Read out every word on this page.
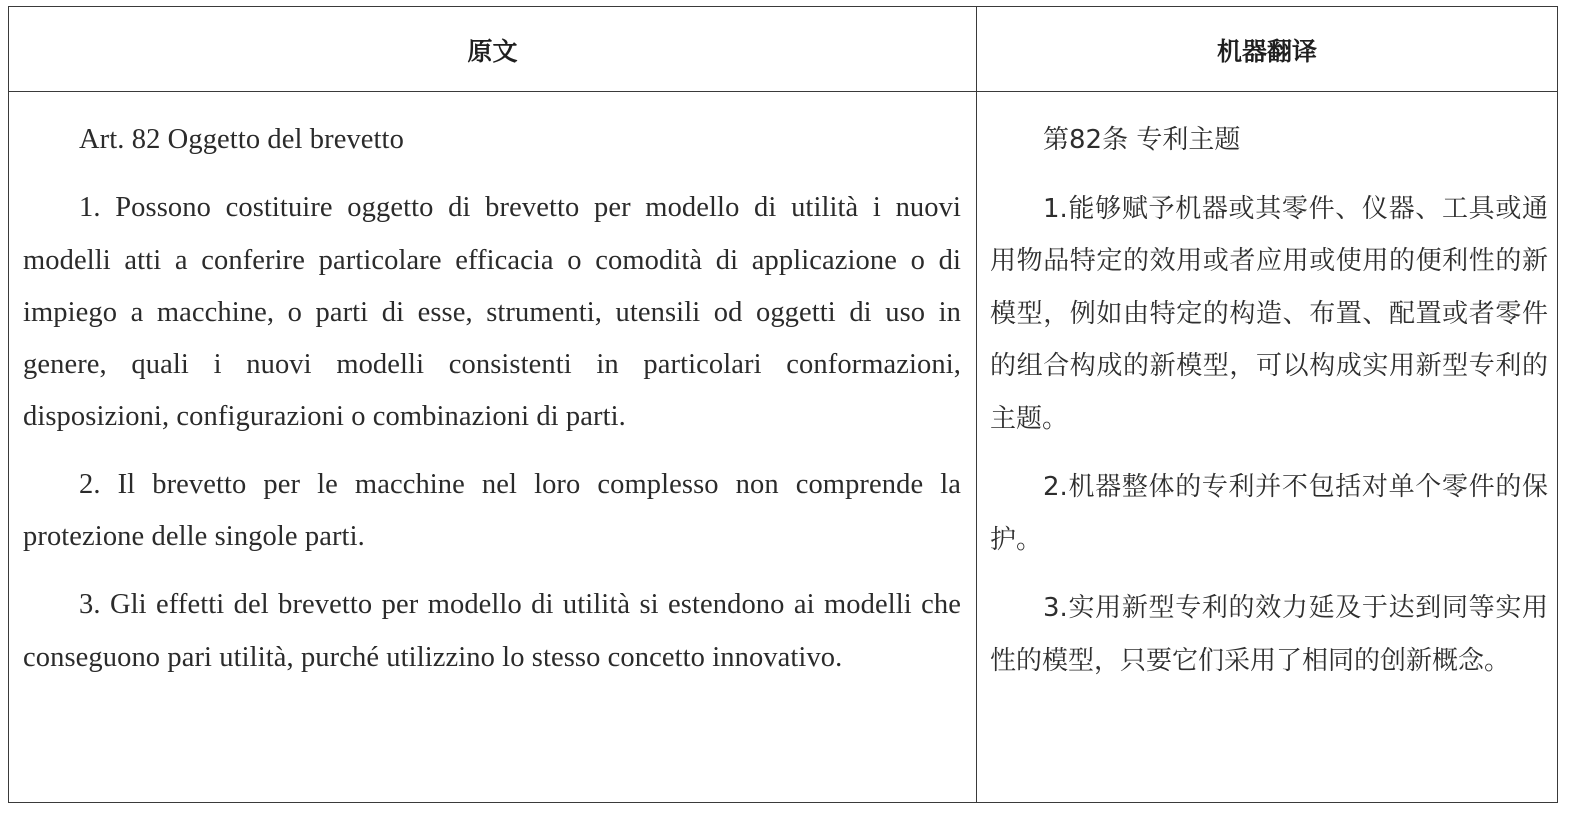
原文	机器翻译

Art. 82 Oggetto del brevetto

1. Possono costituire oggetto di brevetto per modello di utilità i nuovi modelli atti a conferire particolare efficacia o comodità di applicazione o di impiego a macchine, o parti di esse, strumenti, utensili od oggetti di uso in genere, quali i nuovi modelli consistenti in particolari conformazioni, disposizioni, configurazioni o combinazioni di parti.

2. Il brevetto per le macchine nel loro complesso non comprende la protezione delle singole parti.

3. Gli effetti del brevetto per modello di utilità si estendono ai modelli che conseguono pari utilità, purché utilizzino lo stesso concetto innovativo.

第82条 专利主题

1.能够赋予机器或其零件、仪器、工具或通用物品特定的效用或者应用或使用的便利性的新模型，例如由特定的构造、布置、配置或者零件的组合构成的新模型，可以构成实用新型专利的主题。

2.机器整体的专利并不包括对单个零件的保护。

3.实用新型专利的效力延及于达到同等实用性的模型，只要它们采用了相同的创新概念。
